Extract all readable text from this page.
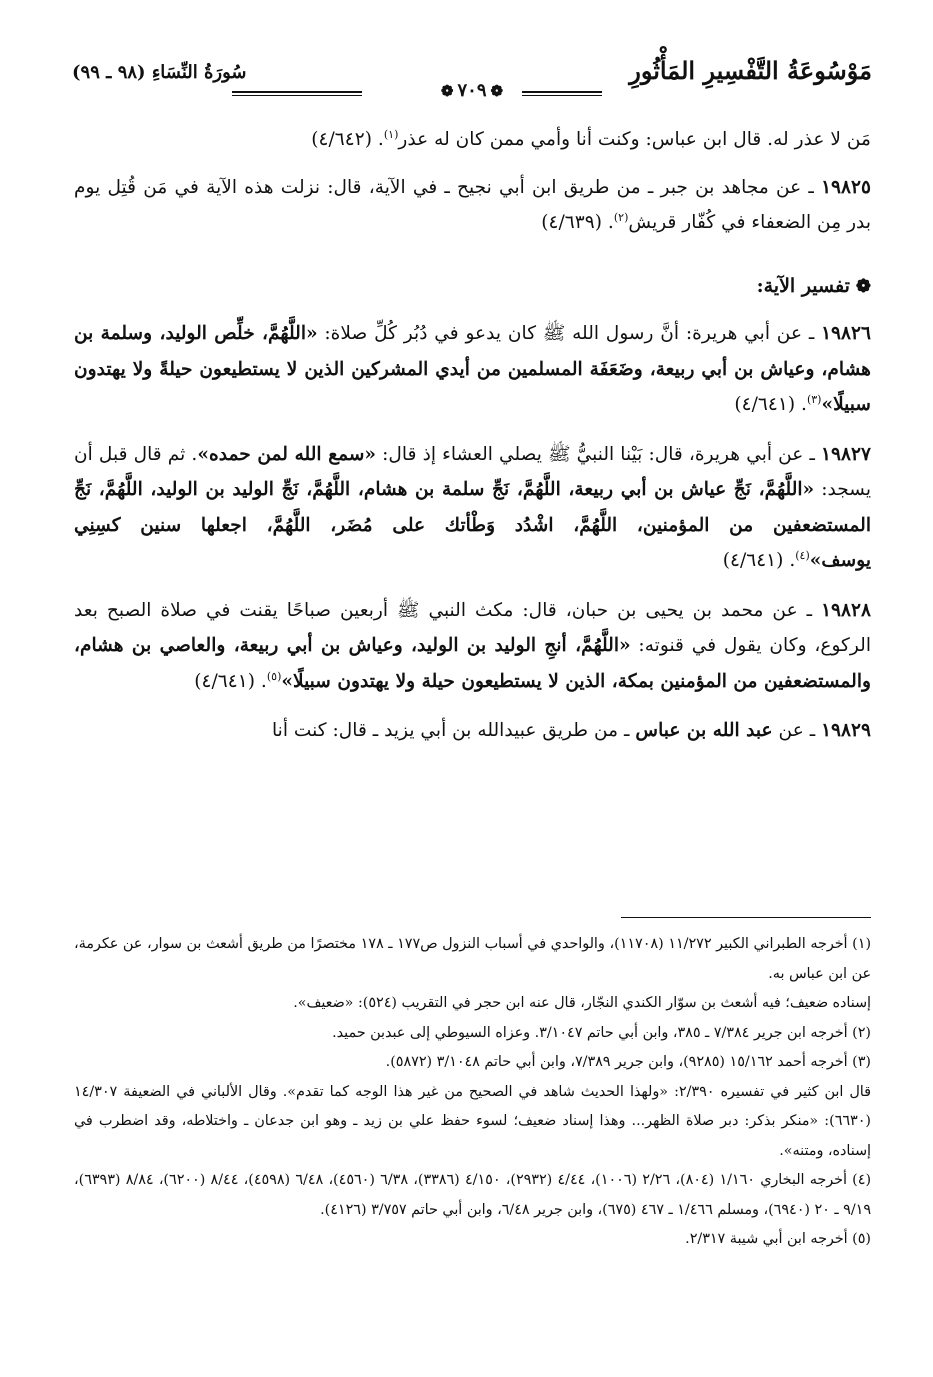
مَوْسُوعَةُ التَّفْسِيرِ المَأْثُورِ
❁٧٠٩❁
سُورَةُ النِّسَاءِ (٩٨ ـ ٩٩)

مَن لا عذر له. قال ابن عباس: وكنت أنا وأمي ممن كان له عذر$^{(١)}$. (٤/٦٤٢)

١٩٨٢٥ ـ عن مجاهد بن جبر ـ من طريق ابن أبي نجيح ـ في الآية، قال: نزلت هذه الآية في مَن قُتِل يوم بدر مِن الضعفاء في كُفّار قريش$^{(٢)}$. (٤/٦٣٩)

❁تفسير الآية:

١٩٨٢٦ ـ عن أبي هريرة: أنَّ رسول الله ﷺ كان يدعو في دُبُر كُلِّ صلاة: «اللَّهُمَّ، خلِّص الوليد، وسلمة بن هشام، وعياش بن أبي ربيعة، وضَعَفَة المسلمين من أيدي المشركين الذين لا يستطيعون حيلةً ولا يهتدون سبيلًا»$^{(٣)}$. (٤/٦٤١)

١٩٨٢٧ ـ عن أبي هريرة، قال: بَيْنا النبيُّ ﷺ يصلي العشاء إذ قال: «سمع الله لمن حمده». ثم قال قبل أن يسجد: «اللَّهُمَّ، نَجِّ عياش بن أبي ربيعة، اللَّهُمَّ، نَجِّ سلمة بن هشام، اللَّهُمَّ، نَجِّ الوليد بن الوليد، اللَّهُمَّ، نَجِّ المستضعفين من المؤمنين، اللَّهُمَّ، اشْدُد وَطْأتك على مُضَر، اللَّهُمَّ، اجعلها سنين كسِنِي يوسف»$^{(٤)}$. (٤/٦٤١)

١٩٨٢٨ ـ عن محمد بن يحيى بن حبان، قال: مكث النبي ﷺ أربعين صباحًا يقنت في صلاة الصبح بعد الركوع، وكان يقول في قنوته: «اللَّهُمَّ، أنجِ الوليد بن الوليد، وعياش بن أبي ربيعة، والعاصي بن هشام، والمستضعفين من المؤمنين بمكة، الذين لا يستطيعون حيلة ولا يهتدون سبيلًا»$^{(٥)}$. (٤/٦٤١)

١٩٨٢٩ ـ عن عبد الله بن عباس ـ من طريق عبيدالله بن أبي يزيد ـ قال: كنت أنا

(١) أخرجه الطبراني الكبير ١١/٢٧٢ (١١٧٠٨)، والواحدي في أسباب النزول ص١٧٧ ـ ١٧٨ مختصرًا من طريق أشعث بن سوار، عن عكرمة، عن ابن عباس به.
إسناده ضعيف؛ فيه أشعث بن سوّار الكندي النجّار، قال عنه ابن حجر في التقريب (٥٢٤): «ضعيف».
(٢) أخرجه ابن جرير ٧/٣٨٤ ـ ٣٨٥، وابن أبي حاتم ٣/١٠٤٧. وعزاه السيوطي إلى عبدبن حميد.
(٣) أخرجه أحمد ١٥/١٦٢ (٩٢٨٥)، وابن جرير ٧/٣٨٩، وابن أبي حاتم ٣/١٠٤٨ (٥٨٧٢).
قال ابن كثير في تفسيره ٢/٣٩٠: «ولهذا الحديث شاهد في الصحيح من غير هذا الوجه كما تقدم». وقال الألباني في الضعيفة ١٤/٣٠٧ (٦٦٣٠): «منكر بذكر: دبر صلاة الظهر... وهذا إسناد ضعيف؛ لسوء حفظ علي بن زيد ـ وهو ابن جدعان ـ واختلاطه، وقد اضطرب في إسناده، ومتنه».
(٤) أخرجه البخاري ١/١٦٠ (٨٠٤)، ٢/٢٦ (١٠٠٦)، ٤/٤٤ (٢٩٣٢)، ٤/١٥٠ (٣٣٨٦)، ٦/٣٨ (٤٥٦٠)، ٦/٤٨ (٤٥٩٨)، ٨/٤٤ (٦٢٠٠)، ٨/٨٤ (٦٣٩٣)، ٩/١٩ ـ ٢٠ (٦٩٤٠)، ومسلم ١/٤٦٦ ـ ٤٦٧ (٦٧٥)، وابن جرير ٦/٤٨، وابن أبي حاتم ٣/٧٥٧ (٤١٢٦).
(٥) أخرجه ابن أبي شيبة ٢/٣١٧.
